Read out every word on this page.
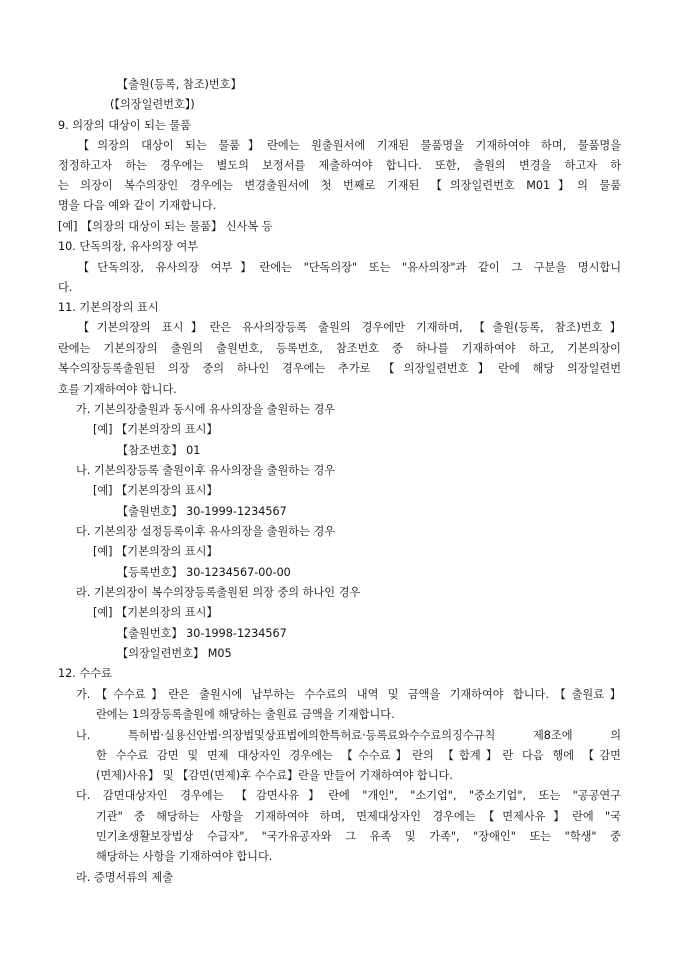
【출원(등록, 참조)번호】
(【의장일련번호】)
9. 의장의 대상이 되는 물품
【의장의 대상이 되는 물품】란에는 원출원서에 기재된 물품명을 기재하여야 하며, 물품명을
정정하고자 하는 경우에는 별도의 보정서를 제출하여야 합니다. 또한, 출원의 변경을 하고자 하
는 의장이 복수의장인 경우에는 변경출원서에 첫 번째로 기재된 【의장일련번호 M01】의 물품
명을 다음 예와 같이 기재합니다.
[예] 【의장의 대상이 되는 물품】 신사복 등
10. 단독의장, 유사의장 여부
【단독의장, 유사의장 여부】란에는 "단독의장" 또는 "유사의장"과 같이 그 구분을 명시합니
다.
11. 기본의장의 표시
【기본의장의 표시】란은 유사의장등록 출원의 경우에만 기재하며, 【출원(등록, 참조)번호】
란에는 기본의장의 출원의 출원번호, 등록번호, 참조번호 중 하나를 기재하여야 하고, 기본의장이
복수의장등록출원된 의장 중의 하나인 경우에는 추가로 【의장일련번호】란에 해당 의장일련번
호를 기재하여야 합니다.
가. 기본의장출원과 동시에 유사의장을 출원하는 경우
[예] 【기본의장의 표시】
【참조번호】 01
나. 기본의장등록 출원이후 유사의장을 출원하는 경우
[예] 【기본의장의 표시】
【출원번호】 30-1999-1234567
다. 기본의장 설정등록이후 유사의장을 출원하는 경우
[예] 【기본의장의 표시】
【등록번호】 30-1234567-00-00
라. 기본의장이 복수의장등록출원된 의장 중의 하나인 경우
[예] 【기본의장의 표시】
【출원번호】 30-1998-1234567
【의장일련번호】 M05
12. 수수료
가.【수수료】란은 출원시에 납부하는 수수료의 내역 및 금액을 기재하여야 합니다.【출원료】
란에는 1의장등록출원에 해당하는 출원료 금액을 기재합니다.
나. 특허법·실용신안법·의장법및상표법에의한특허료·등록료와수수료의징수규칙 제8조에 의
한 수수료 감면 및 면제 대상자인 경우에는 【수수료】란의 【합계】란 다음 행에 【감면
(면제)사유】 및 【감면(면제)후 수수료】란을 만들어 기재하여야 합니다.
다. 감면대상자인 경우에는 【감면사유】란에 "개인", "소기업", "중소기업", 또는 "공공연구
기관" 중 해당하는 사항을 기재하여야 하며, 면제대상자인 경우에는【면제사유】란에 "국
민기초생활보장법상 수급자", "국가유공자와 그 유족 및 가족", "장애인" 또는 "학생" 중
해당하는 사항을 기재하여야 합니다.
라. 증명서류의 제출
